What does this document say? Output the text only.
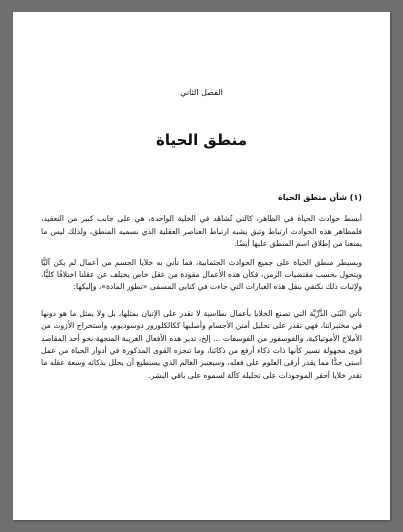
الفصل الثاني
منطق الحياة
(١) شأن منطق الحياة

أبسط حوادث الحياة في الظاهر، كالتي تُشاهَد في الخلية الواحدة، هي على جانب كبير من التعقيد، فلمظاهر هذه الحوادث ارتباط وثيق يشبه ارتباط العناصر العقلية الذي نسميه المنطق، ولذلك ليس ما يمنعنا من إطلاق اسم المنطق عليها أيضًا.

ويسيطر منطق الحياة على جميع الحوادث الجثمانية، فما تأتي به خلايا الجسم من أعمال لم يكن آليًّا ويتحول بحسب مقتضيات الزمن، فكأن هذه الأعمال مقودة من عقل خاص يختلف عن عقلنا اختلافًا كليًّا، ولإثبات ذلك نكتفي بنقل هذه العبارات التي جاءت في كتابي المسمى «تطور المادة»، وإليكها:

تأتي البُنَى الذَّرِّيَّة التي تصنع الخلايا بأعمال نطاسية لا تقدر على الإتيان بمثلها، بل ولا يمثل ما هو دونها في مختبراتنا، فهي تقدر على تحليل أمتن الأجسام وأصلبها ككالكلورور دوسوديوم، واستخراج الأزوت من الأملاح الأمونياكية، والفوسفور من الفوسفات ... إلخ، تدير هذه الأفعال الغريبة المتجهة نحو أحد المقاصد قوى مجهولة تسير كأنها ذات ذكاء أرفع من ذكائنا، وما تنجزه القوى المذكورة في أدوار الحياة من عمل أسنى جدًّا مما يقدر أرقى العلوم على فعله، وسيعتبر العالم الذي يستطيع أن يحلل بذكائه وسعة عقله ما تقدر خلايا أحقر الموجودات على تحليله كآلة لسموه على باقي البشر.
